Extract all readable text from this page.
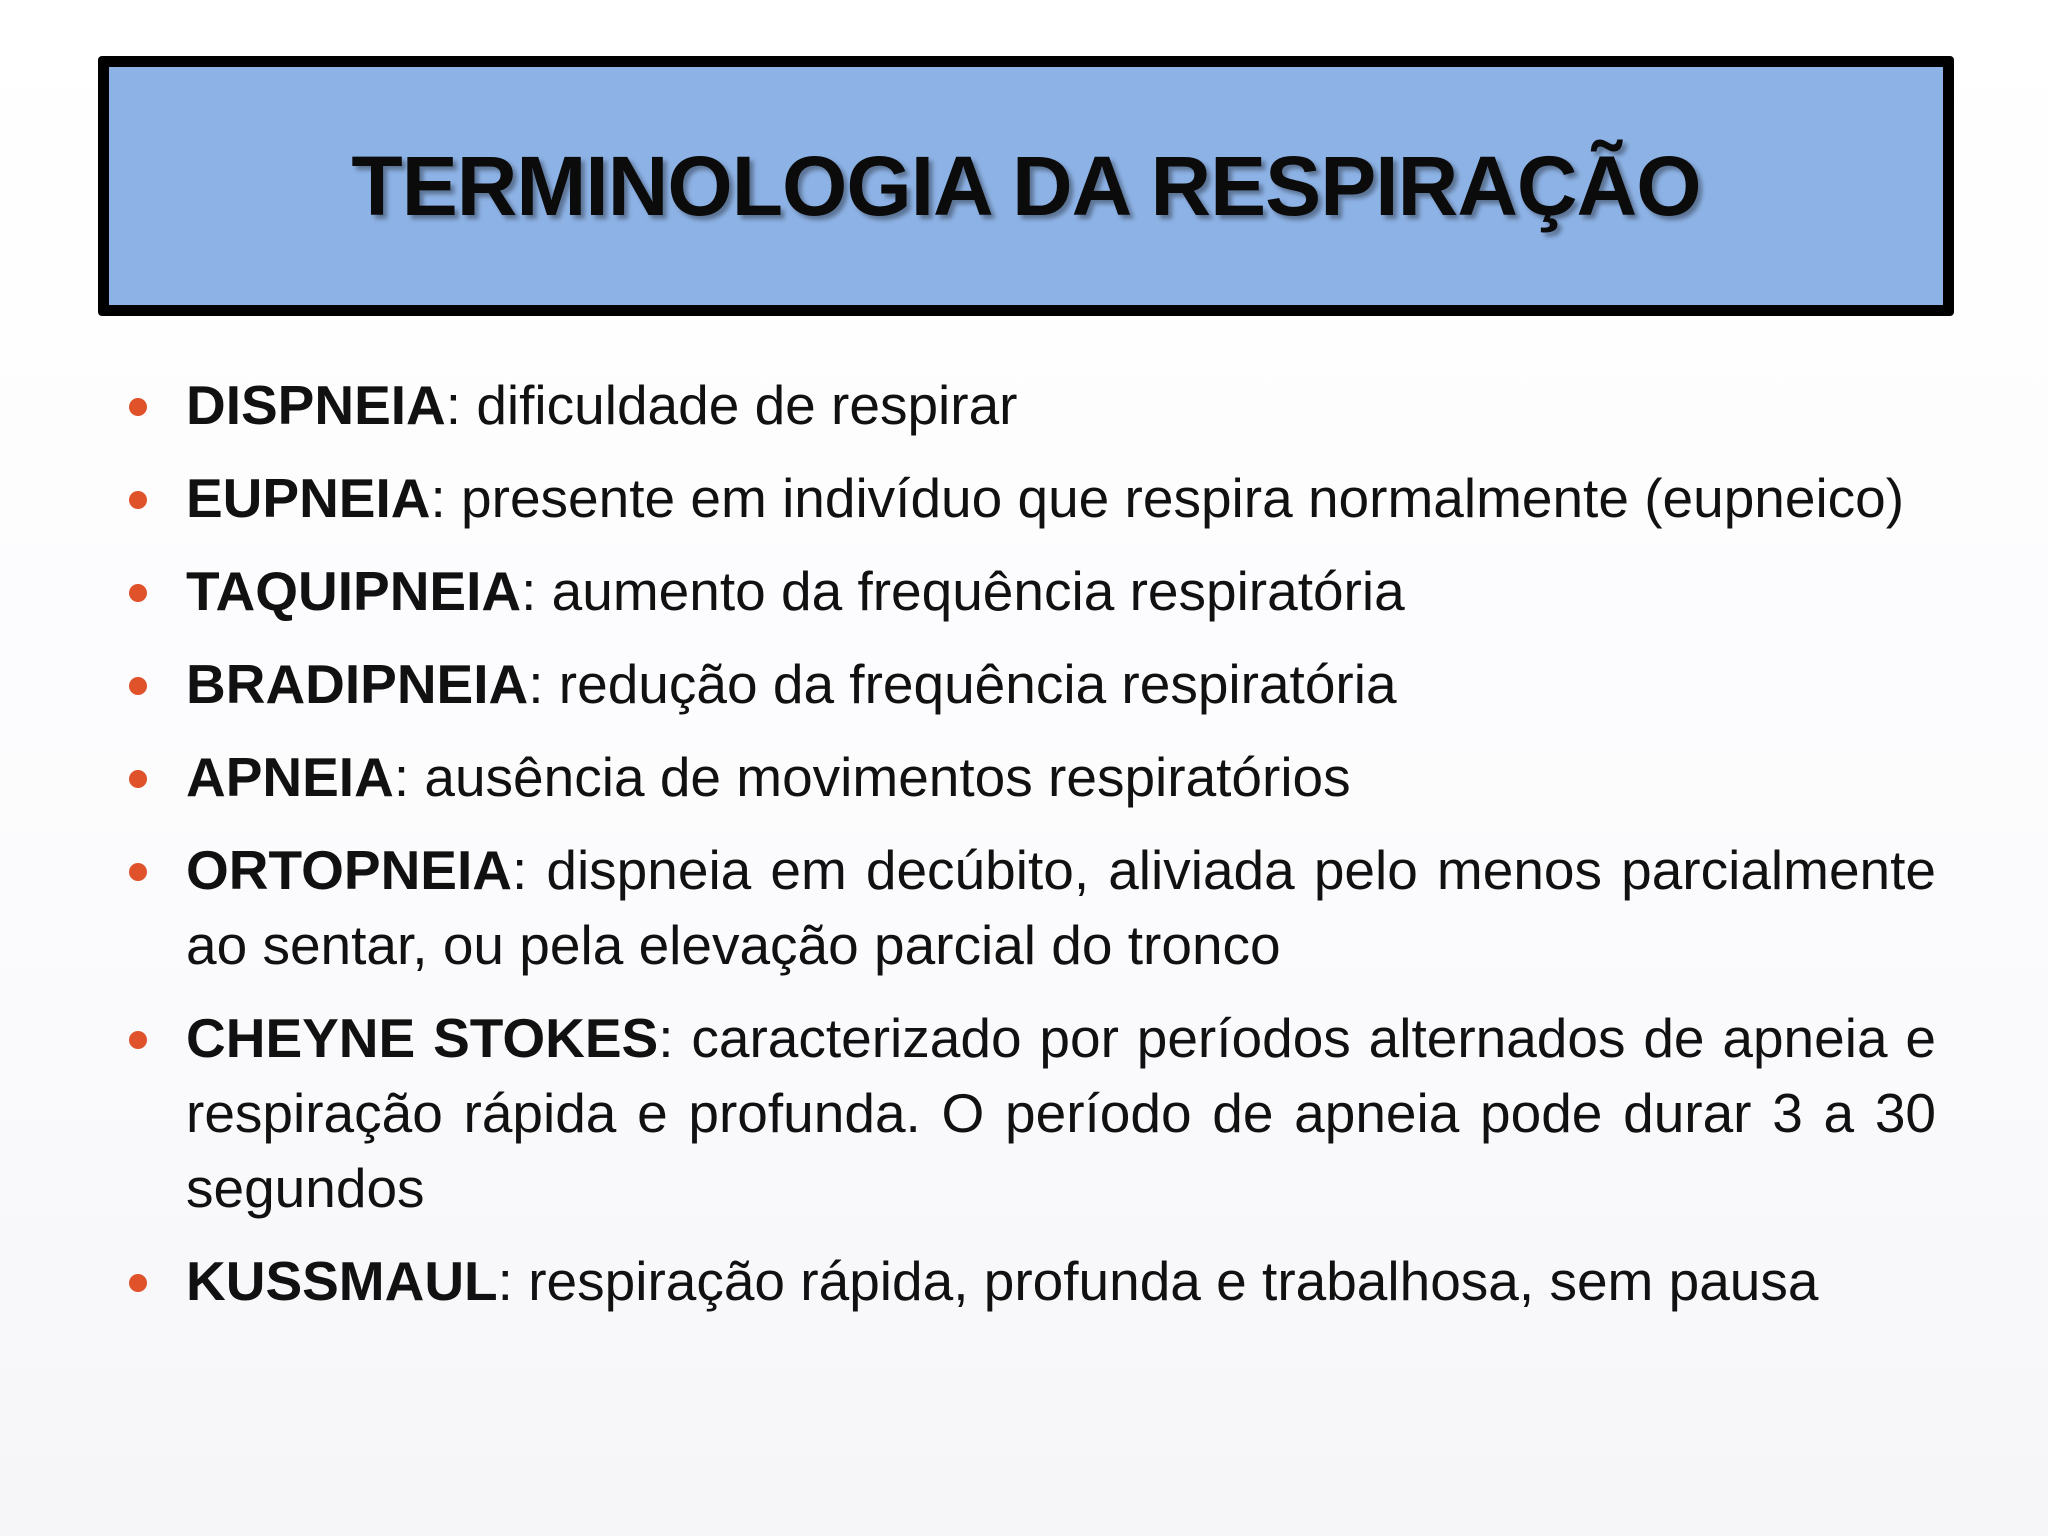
TERMINOLOGIA DA RESPIRAÇÃO
DISPNEIA: dificuldade de respirar
EUPNEIA: presente em indivíduo que respira normalmente (eupneico)
TAQUIPNEIA: aumento da frequência respiratória
BRADIPNEIA: redução da frequência respiratória
APNEIA: ausência de movimentos respiratórios
ORTOPNEIA: dispneia em decúbito, aliviada pelo menos parcialmente ao sentar, ou pela elevação parcial do tronco
CHEYNE STOKES: caracterizado por períodos alternados de apneia e respiração rápida e profunda. O período de apneia pode durar 3 a 30 segundos
KUSSMAUL: respiração rápida, profunda e trabalhosa, sem pausa
